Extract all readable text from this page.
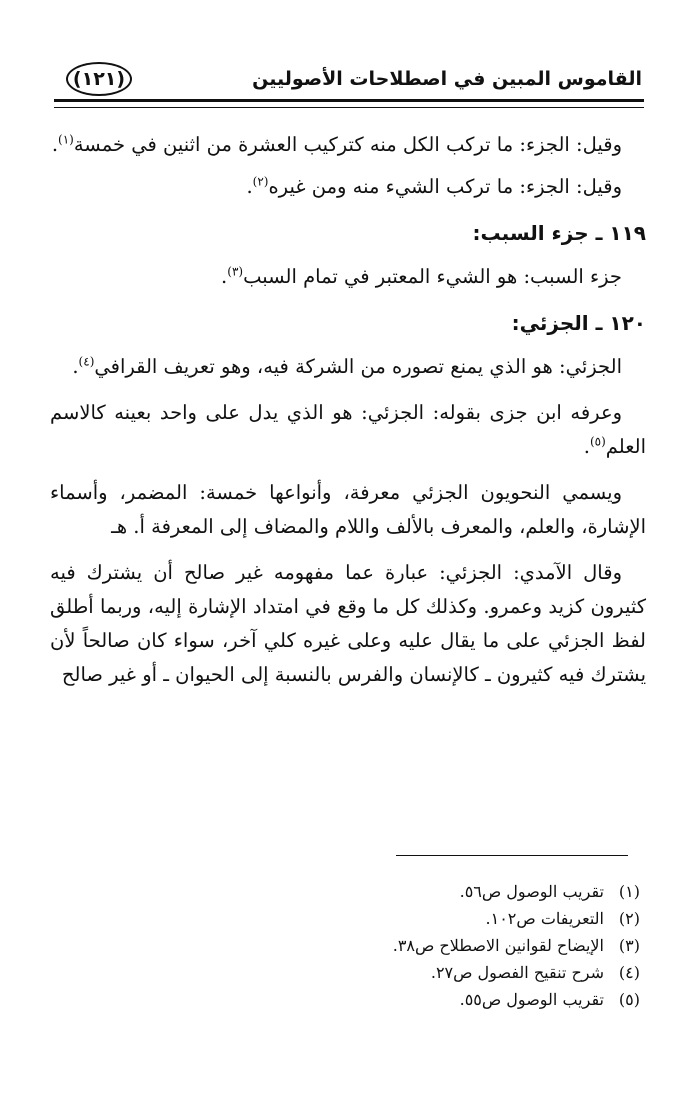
القاموس المبين في اصطلاحات الأصوليين
(١٢١)

وقيل: الجزء: ما تركب الكل منه كتركيب العشرة من اثنين في خمسة$^{(١)}$.

وقيل: الجزء: ما تركب الشيء منه ومن غيره$^{(٢)}$.

١١٩ ـ جزء السبب:

جزء السبب: هو الشيء المعتبر في تمام السبب$^{(٣)}$.

١٢٠ ـ الجزئي:

الجزئي: هو الذي يمنع تصوره من الشركة فيه، وهو تعريف القرافي$^{(٤)}$.

وعرفه ابن جزى بقوله: الجزئي: هو الذي يدل على واحد بعينه كالاسم العلم$^{(٥)}$.

ويسمي النحويون الجزئي معرفة، وأنواعها خمسة: المضمر، وأسماء الإشارة، والعلم، والمعرف بالألف واللام والمضاف إلى المعرفة أ. هـ

وقال الآمدي: الجزئي: عبارة عما مفهومه غير صالح أن يشترك فيه كثيرون كزيد وعمرو. وكذلك كل ما وقع في امتداد الإشارة إليه، وربما أطلق لفظ الجزئي على ما يقال عليه وعلى غيره كلي آخر، سواء كان صالحاً لأن يشترك فيه كثيرون ـ كالإنسان والفرس بالنسبة إلى الحيوان ـ أو غير صالح

(١)تقريب الوصول ص٥٦.
(٢)التعريفات ص١٠٢.
(٣)الإيضاح لقوانين الاصطلاح ص٣٨.
(٤)شرح تنقيح الفصول ص٢٧.
(٥)تقريب الوصول ص٥٥.
